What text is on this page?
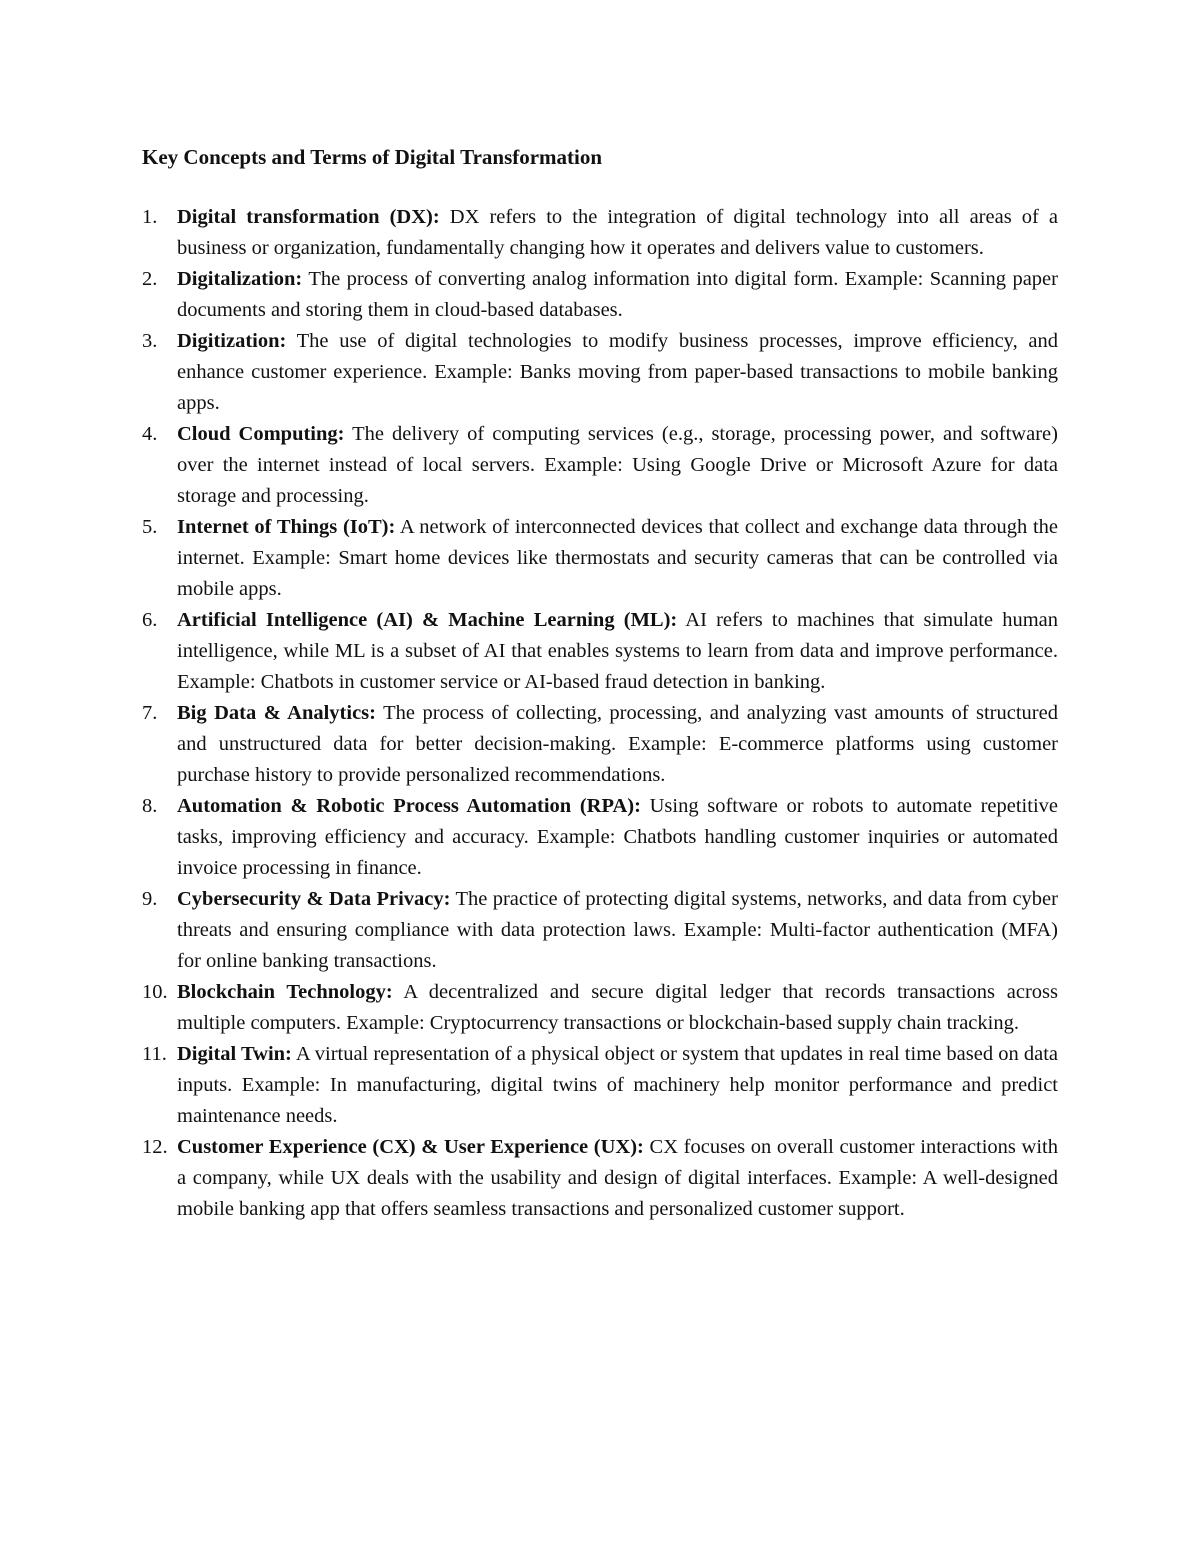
Key Concepts and Terms of Digital Transformation
1. Digital transformation (DX): DX refers to the integration of digital technology into all areas of a business or organization, fundamentally changing how it operates and delivers value to customers.
2. Digitalization: The process of converting analog information into digital form. Example: Scanning paper documents and storing them in cloud-based databases.
3. Digitization: The use of digital technologies to modify business processes, improve efficiency, and enhance customer experience. Example: Banks moving from paper-based transactions to mobile banking apps.
4. Cloud Computing: The delivery of computing services (e.g., storage, processing power, and software) over the internet instead of local servers. Example: Using Google Drive or Microsoft Azure for data storage and processing.
5. Internet of Things (IoT): A network of interconnected devices that collect and exchange data through the internet. Example: Smart home devices like thermostats and security cameras that can be controlled via mobile apps.
6. Artificial Intelligence (AI) & Machine Learning (ML): AI refers to machines that simulate human intelligence, while ML is a subset of AI that enables systems to learn from data and improve performance. Example: Chatbots in customer service or AI-based fraud detection in banking.
7. Big Data & Analytics: The process of collecting, processing, and analyzing vast amounts of structured and unstructured data for better decision-making. Example: E-commerce platforms using customer purchase history to provide personalized recommendations.
8. Automation & Robotic Process Automation (RPA): Using software or robots to automate repetitive tasks, improving efficiency and accuracy. Example: Chatbots handling customer inquiries or automated invoice processing in finance.
9. Cybersecurity & Data Privacy: The practice of protecting digital systems, networks, and data from cyber threats and ensuring compliance with data protection laws. Example: Multi-factor authentication (MFA) for online banking transactions.
10. Blockchain Technology: A decentralized and secure digital ledger that records transactions across multiple computers. Example: Cryptocurrency transactions or blockchain-based supply chain tracking.
11. Digital Twin: A virtual representation of a physical object or system that updates in real time based on data inputs. Example: In manufacturing, digital twins of machinery help monitor performance and predict maintenance needs.
12. Customer Experience (CX) & User Experience (UX): CX focuses on overall customer interactions with a company, while UX deals with the usability and design of digital interfaces. Example: A well-designed mobile banking app that offers seamless transactions and personalized customer support.
